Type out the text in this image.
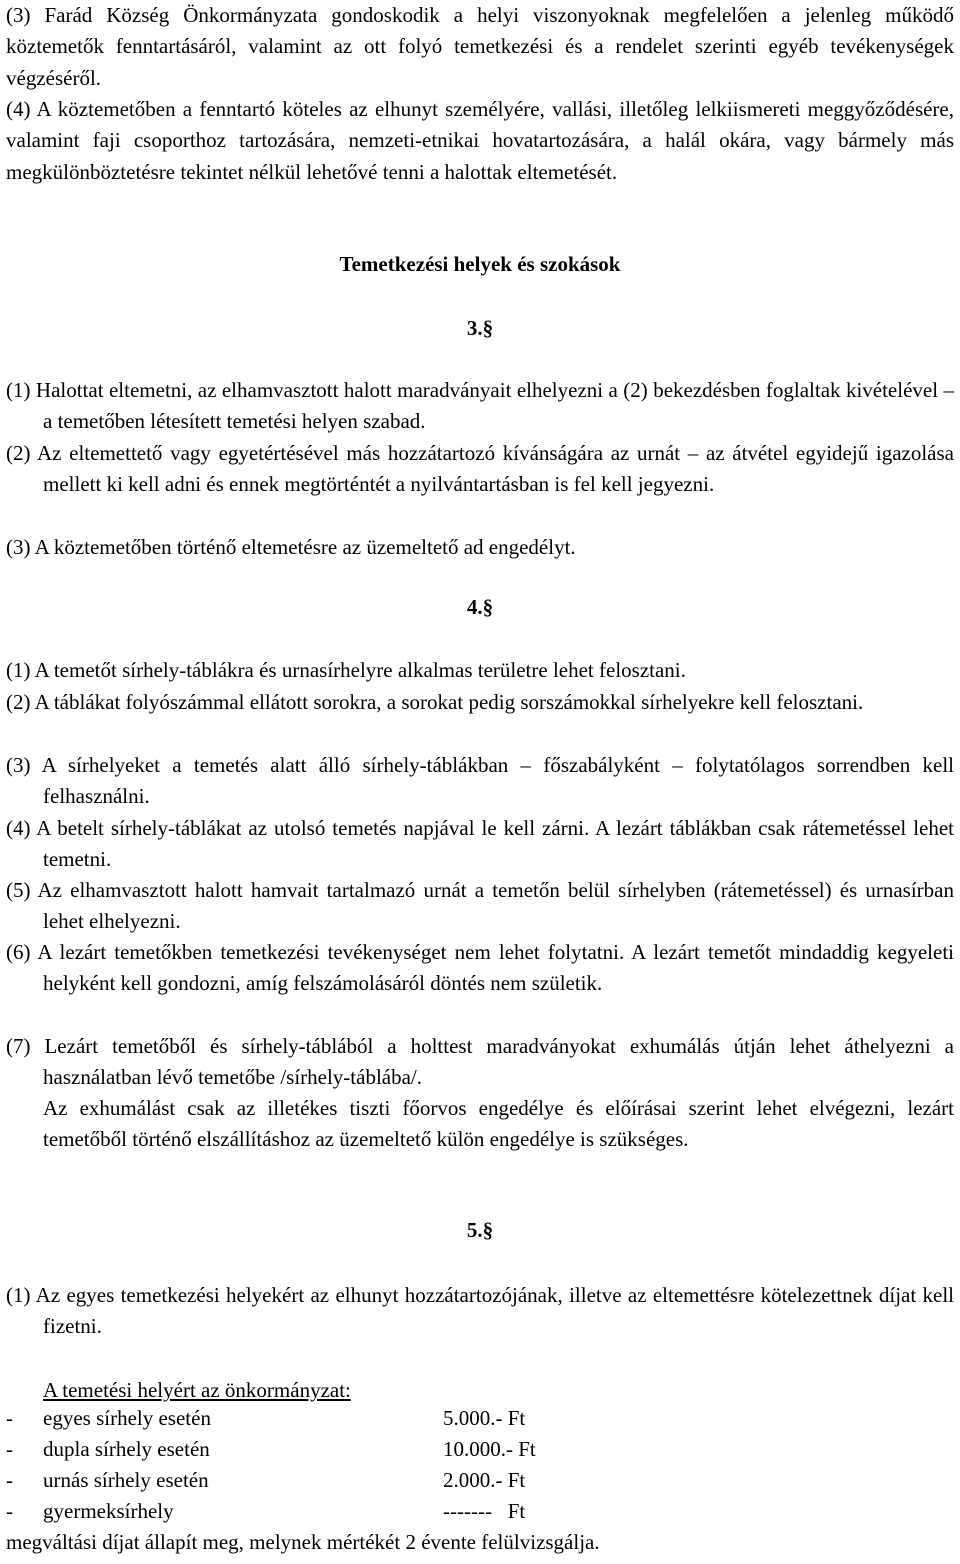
(3) Farád Község Önkormányzata gondoskodik a helyi viszonyoknak megfelelően a jelenleg működő köztemetők fenntartásáról, valamint az ott folyó temetkezési és a rendelet szerinti egyéb tevékenységek végzéséről.

(4) A köztemetőben a fenntartó köteles az elhunyt személyére, vallási, illetőleg lelkiismereti meggyőződésére, valamint faji csoporthoz tartozására, nemzeti-etnikai hovatartozására, a halál okára, vagy bármely más megkülönböztetésre tekintet nélkül lehetővé tenni a halottak eltemetését.

Temetkezési helyek és szokások
3.§

(1) Halottat eltemetni, az elhamvasztott halott maradványait elhelyezni a (2) bekezdésben foglaltak kivételével – a temetőben létesített temetési helyen szabad.

(2) Az eltemettető vagy egyetértésével más hozzátartozó kívánságára az urnát – az átvétel egyidejű igazolása mellett ki kell adni és ennek megtörténtét a nyilvántartásban is fel kell jegyezni.

(3) A köztemetőben történő eltemetésre az üzemeltető ad engedélyt.

4.§

(1) A temetőt sírhely-táblákra és urnasírhelyre alkalmas területre lehet felosztani.

(2) A táblákat folyószámmal ellátott sorokra, a sorokat pedig sorszámokkal sírhelyekre kell felosztani.

(3) A sírhelyeket a temetés alatt álló sírhely-táblákban – főszabályként – folytatólagos sorrendben kell felhasználni.

(4) A betelt sírhely-táblákat az utolsó temetés napjával le kell zárni. A lezárt táblákban csak rátemetéssel lehet temetni.

(5) Az elhamvasztott halott hamvait tartalmazó urnát a temetőn belül sírhelyben (rátemetéssel) és urnasírban lehet elhelyezni.

(6) A lezárt temetőkben temetkezési tevékenységet nem lehet folytatni. A lezárt temetőt mindaddig kegyeleti helyként kell gondozni, amíg felszámolásáról döntés nem születik.

(7) Lezárt temetőből és sírhely-táblából a holttest maradványokat exhumálás útján lehet áthelyezni a használatban lévő temetőbe /sírhely-táblába/.

Az exhumálást csak az illetékes tiszti főorvos engedélye és előírásai szerint lehet elvégezni, lezárt temetőből történő elszállításhoz az üzemeltető külön engedélye is szükséges.

5.§

(1) Az egyes temetkezési helyekért az elhunyt hozzátartozójának, illetve az eltemettésre kötelezettnek díjat kell fizetni.

A temetési helyért az önkormányzat:

- egyes sírhely esetén	5.000.- Ft
- dupla sírhely esetén	10.000.- Ft
- urnás sírhely esetén	2.000.- Ft
- gyermeksírhely	-------   Ft

megváltási díjat állapít meg, melynek mértékét 2 évente felülvizsgálja.
